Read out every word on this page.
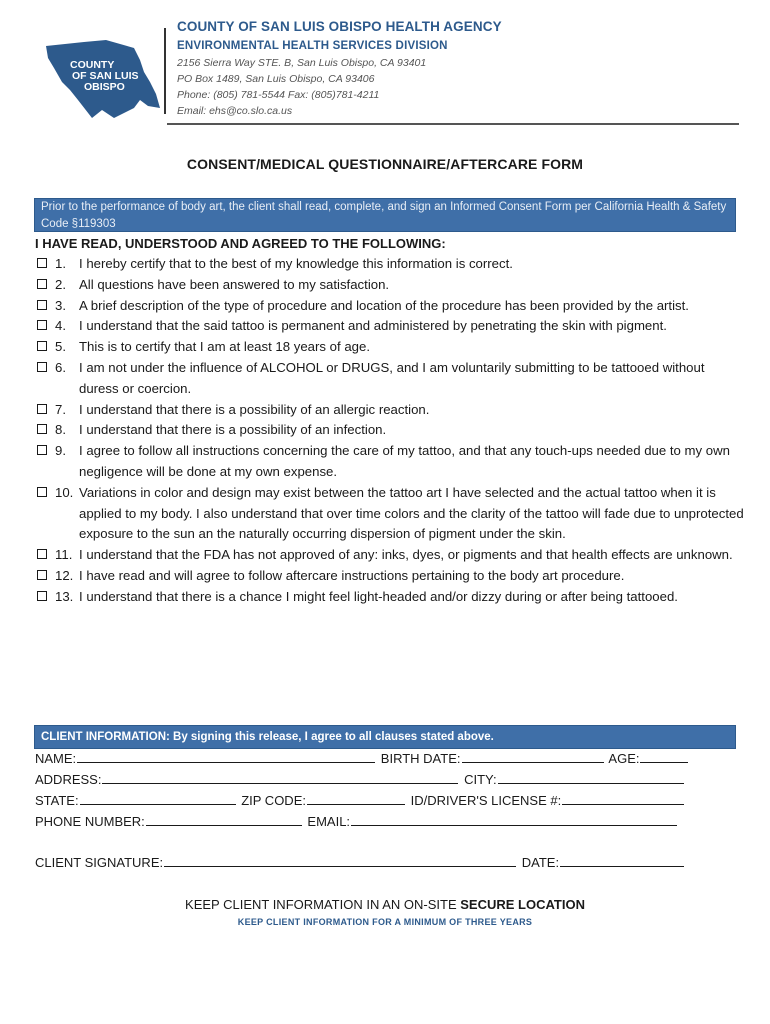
COUNTY
OF SAN LUIS
OBISPO
COUNTY OF SAN LUIS OBISPO HEALTH AGENCY
ENVIRONMENTAL HEALTH SERVICES DIVISION
2156 Sierra Way STE. B, San Luis Obispo, CA 93401
PO Box 1489, San Luis Obispo, CA 93406
Phone: (805) 781-5544 Fax: (805)781-4211
Email: ehs@co.slo.ca.us
CONSENT/MEDICAL QUESTIONNAIRE/AFTERCARE FORM
Prior to the performance of body art, the client shall read, complete, and sign an Informed Consent Form per California Health & Safety Code §119303
I HAVE READ, UNDERSTOOD AND AGREED TO THE FOLLOWING:
1. I hereby certify that to the best of my knowledge this information is correct.
2. All questions have been answered to my satisfaction.
3. A brief description of the type of procedure and location of the procedure has been provided by the artist.
4. I understand that the said tattoo is permanent and administered by penetrating the skin with pigment.
5. This is to certify that I am at least 18 years of age.
6. I am not under the influence of ALCOHOL or DRUGS, and I am voluntarily submitting to be tattooed without duress or coercion.
7. I understand that there is a possibility of an allergic reaction.
8. I understand that there is a possibility of an infection.
9. I agree to follow all instructions concerning the care of my tattoo, and that any touch-ups needed due to my own negligence will be done at my own expense.
10. Variations in color and design may exist between the tattoo art I have selected and the actual tattoo when it is applied to my body. I also understand that over time colors and the clarity of the tattoo will fade due to unprotected exposure to the sun an the naturally occurring dispersion of pigment under the skin.
11. I understand that the FDA has not approved of any: inks, dyes, or pigments and that health effects are unknown.
12. I have read and will agree to follow aftercare instructions pertaining to the body art procedure.
13. I understand that there is a chance I might feel light-headed and/or dizzy during or after being tattooed.
CLIENT INFORMATION: By signing this release, I agree to all clauses stated above.
NAME:	BIRTH DATE:	AGE:
ADDRESS:	CITY:
STATE:	ZIP CODE:	ID/DRIVER'S LICENSE #:
PHONE NUMBER:	EMAIL:
CLIENT SIGNATURE:	DATE:
KEEP CLIENT INFORMATION IN AN ON-SITE SECURE LOCATION
KEEP CLIENT INFORMATION FOR A MINIMUM OF THREE YEARS
